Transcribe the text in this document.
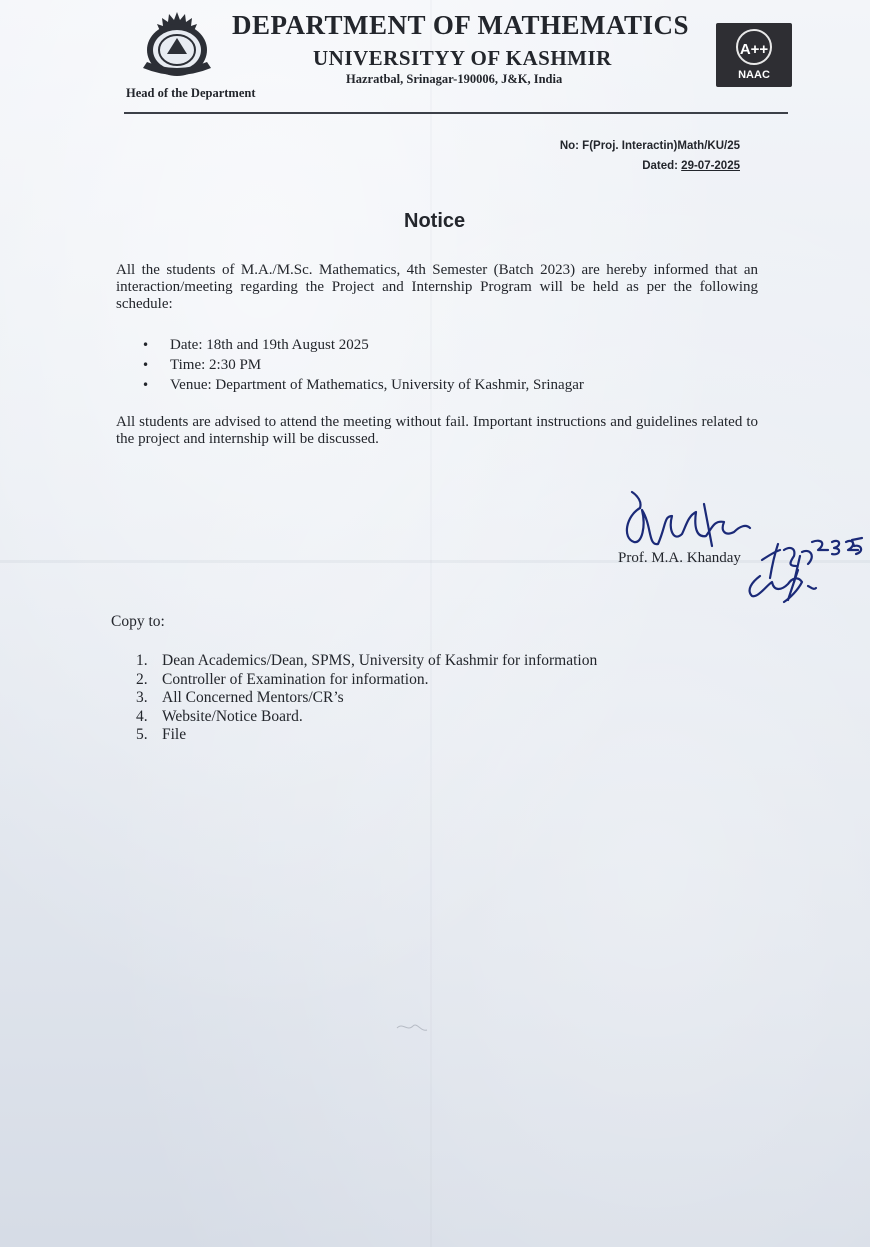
DEPARTMENT OF MATHEMATICS
UNIVERSITYY OF KASHMIR
Hazratbal, Srinagar-190006, J&K, India
Head of the Department
A++
NAAC
No: F(Proj. Interactin)Math/KU/25
Dated: 29-07-2025
Notice
All the students of M.A./M.Sc. Mathematics, 4th Semester (Batch 2023) are hereby informed that an interaction/meeting regarding the Project and Internship Program will be held as per the following schedule:
•	Date: 18th and 19th August 2025
•	Time: 2:30 PM
•	Venue: Department of Mathematics, University of Kashmir, Srinagar
All students are advised to attend the meeting without fail. Important instructions and guidelines related to the project and internship will be discussed.
Prof. M.A. Khanday
Copy to:
1. Dean Academics/Dean, SPMS, University of Kashmir for information
2. Controller of Examination for information.
3. All Concerned Mentors/CR’s
4. Website/Notice Board.
5. File
